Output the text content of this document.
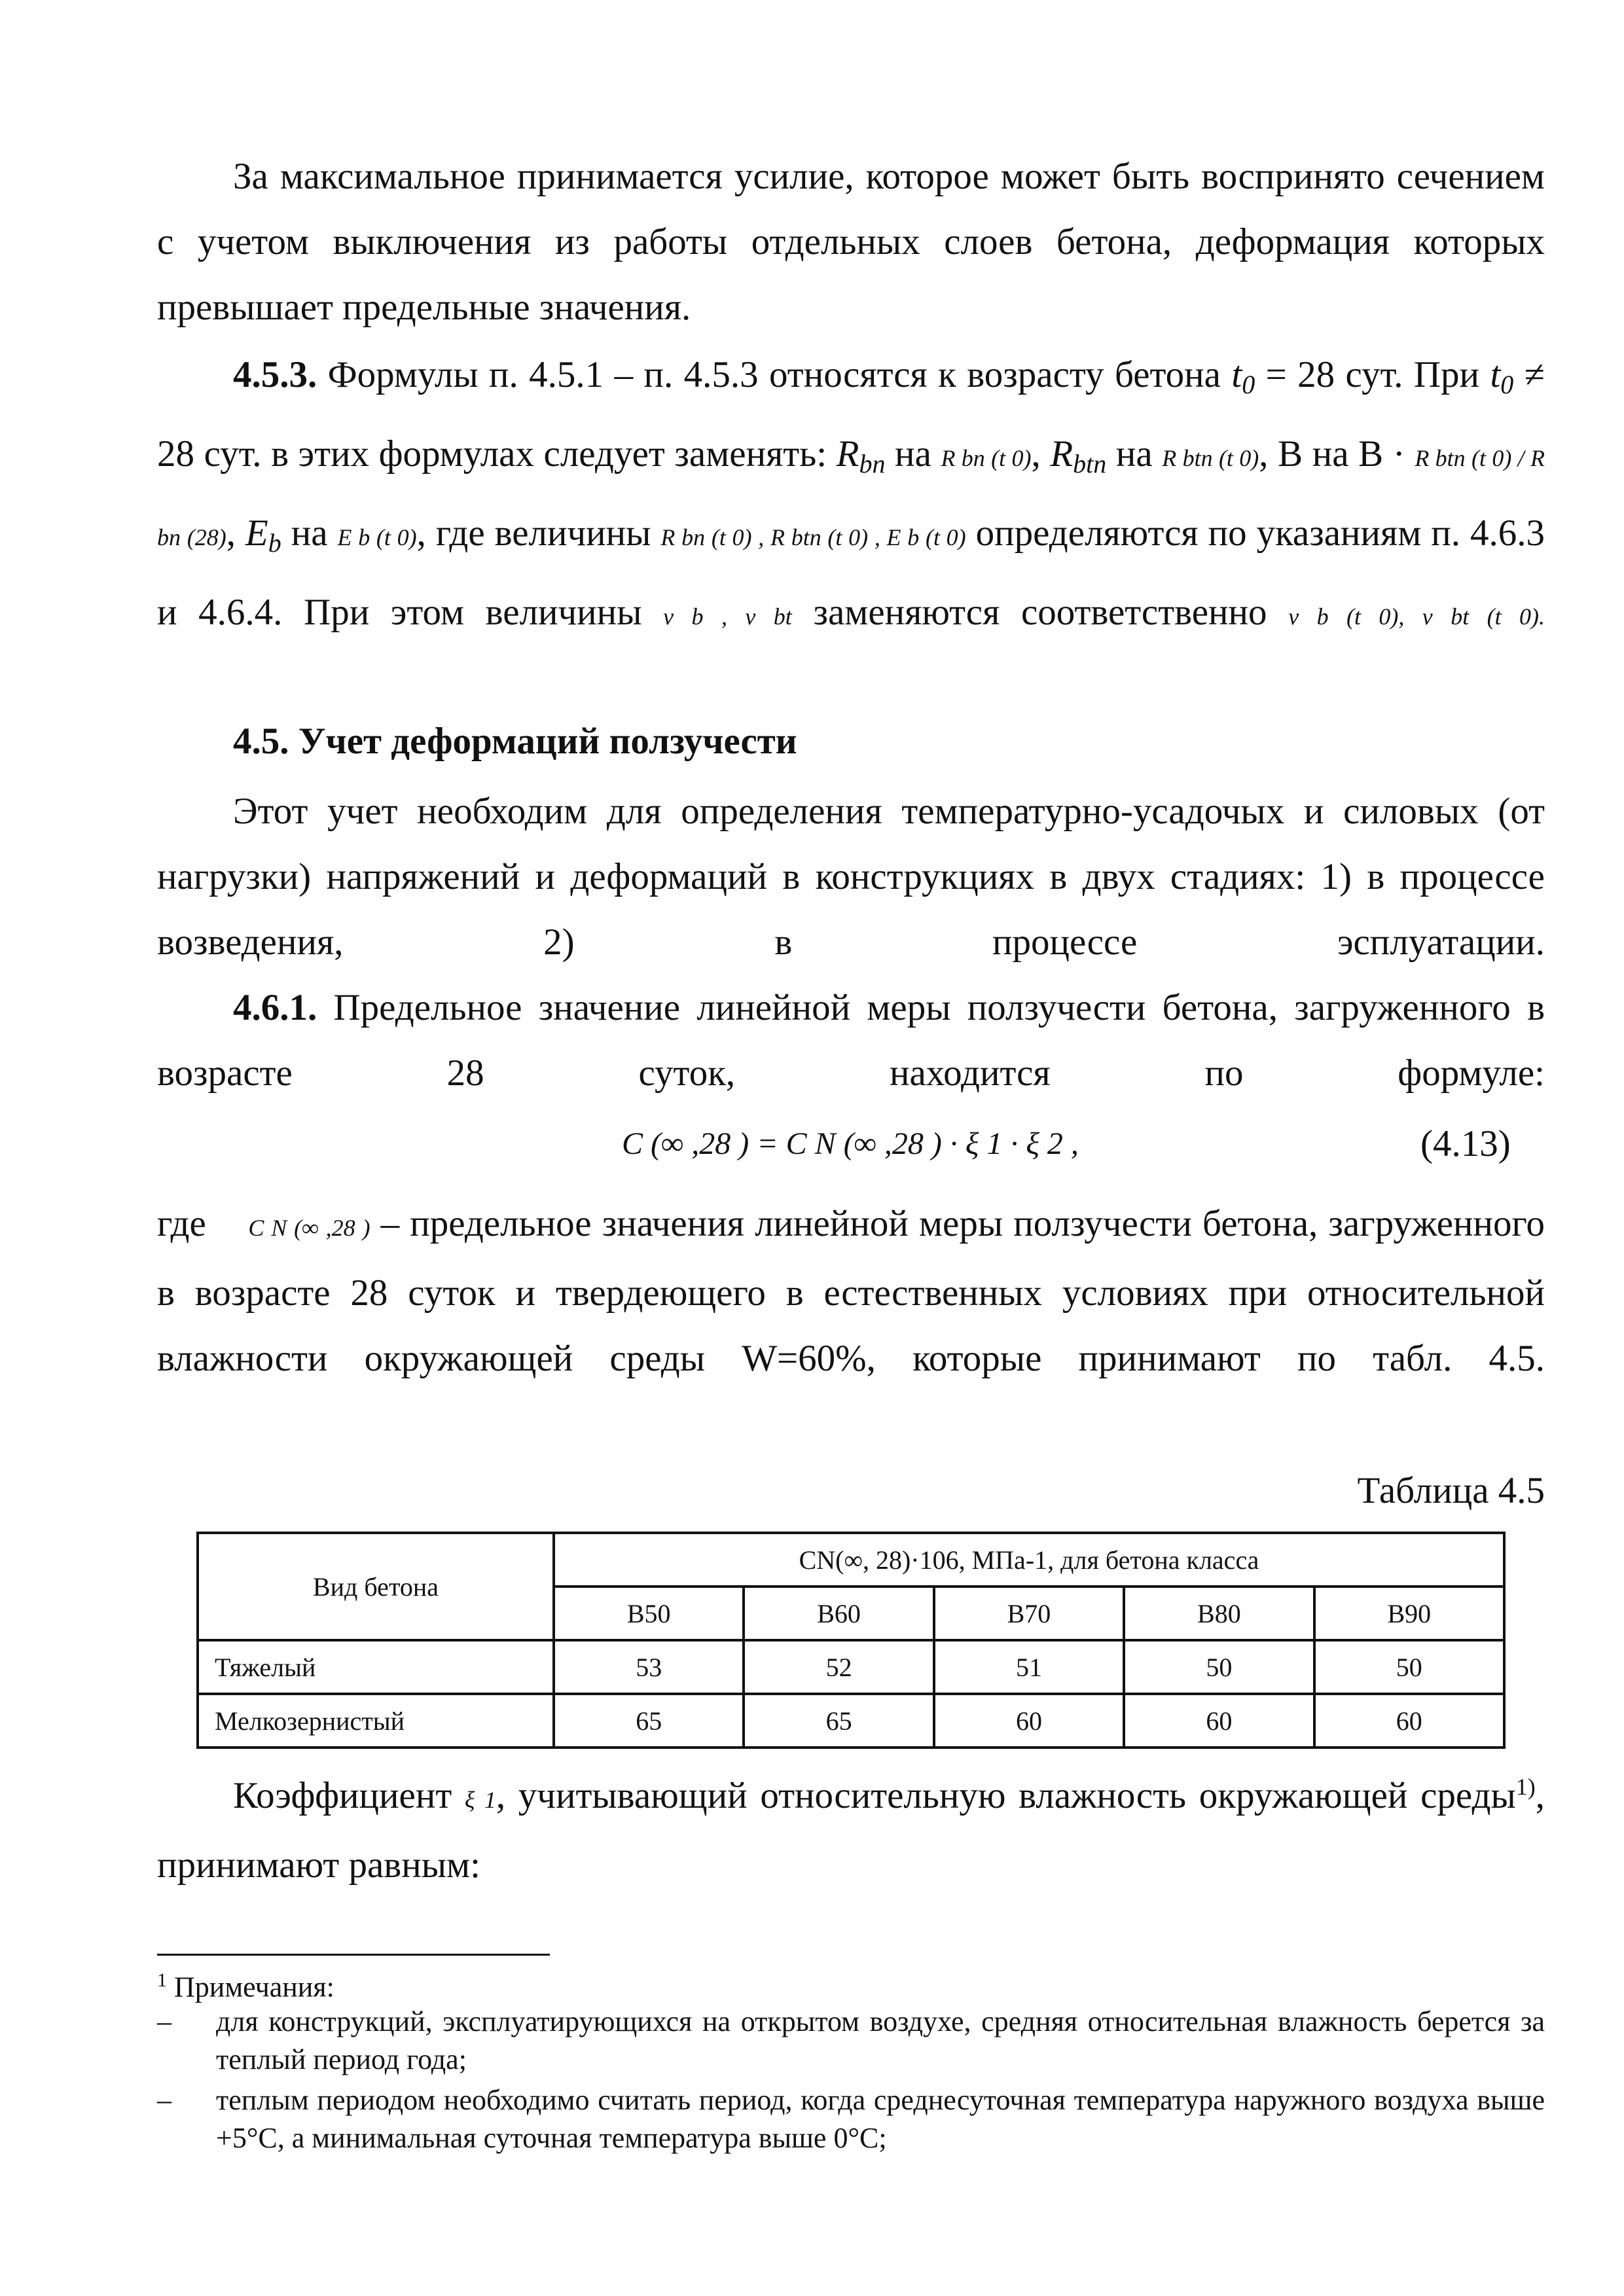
За максимальное принимается усилие, которое может быть воспринято сечением с учетом выключения из работы отдельных слоев бетона, деформация которых превышает предельные значения.

4.5.3. Формулы п. 4.5.1 – п. 4.5.3 относятся к возрасту бетона $t_0 = 28$ сут. При $t_0 \ne 28$ сут. в этих формулах следует заменять: $R_{bn}$ на R bn (t 0), $R_{btn}$ на R btn (t 0), В на В · R btn (t 0) / R bn (28), $E_b$ на E b (t 0), где величины R bn (t 0) , R btn (t 0) , E b (t 0) определяются по указаниям п. 4.6.3 и 4.6.4. При этом величины ν b , ν bt заменяются соответственно ν b (t 0), ν bt (t 0).

4.5. Учет деформаций ползучести

Этот учет необходим для определения температурно-усадочых и силовых (от нагрузки) напряжений и деформаций в конструкциях в двух стадиях: 1) в процессе возведения, 2) в процессе эсплуатации.

4.6.1. Предельное значение линейной меры ползучести бетона, загруженного в возрасте 28 суток, находится по формуле:

C (∞ ,28 ) = C N (∞ ,28 ) · ξ 1 · ξ 2 ,	(4.13)

где C N (∞ ,28 ) – предельное значения линейной меры ползучести бетона, загруженного в возрасте 28 суток и твердеющего в естественных условиях при относительной влажности окружающей среды W=60%, которые принимают по табл. 4.5.

Таблица 4.5
Вид бетона	CN(∞, 28)·106, МПа-1, для бетона класса				
	B50	B60	B70	B80	B90
Тяжелый	53	52	51	50	50
Мелкозернистый	65	65	60	60	60

Коэффициент ξ 1, учитывающий относительную влажность окружающей среды$^{1)}$, принимают равным:

$^1$ Примечания:
– для конструкций, эксплуатирующихся на открытом воздухе, средняя относительная влажность берется за теплый период года;
– теплым периодом необходимо считать период, когда среднесуточная температура наружного воздуха выше +5°С, а минимальная суточная температура выше 0°С;
